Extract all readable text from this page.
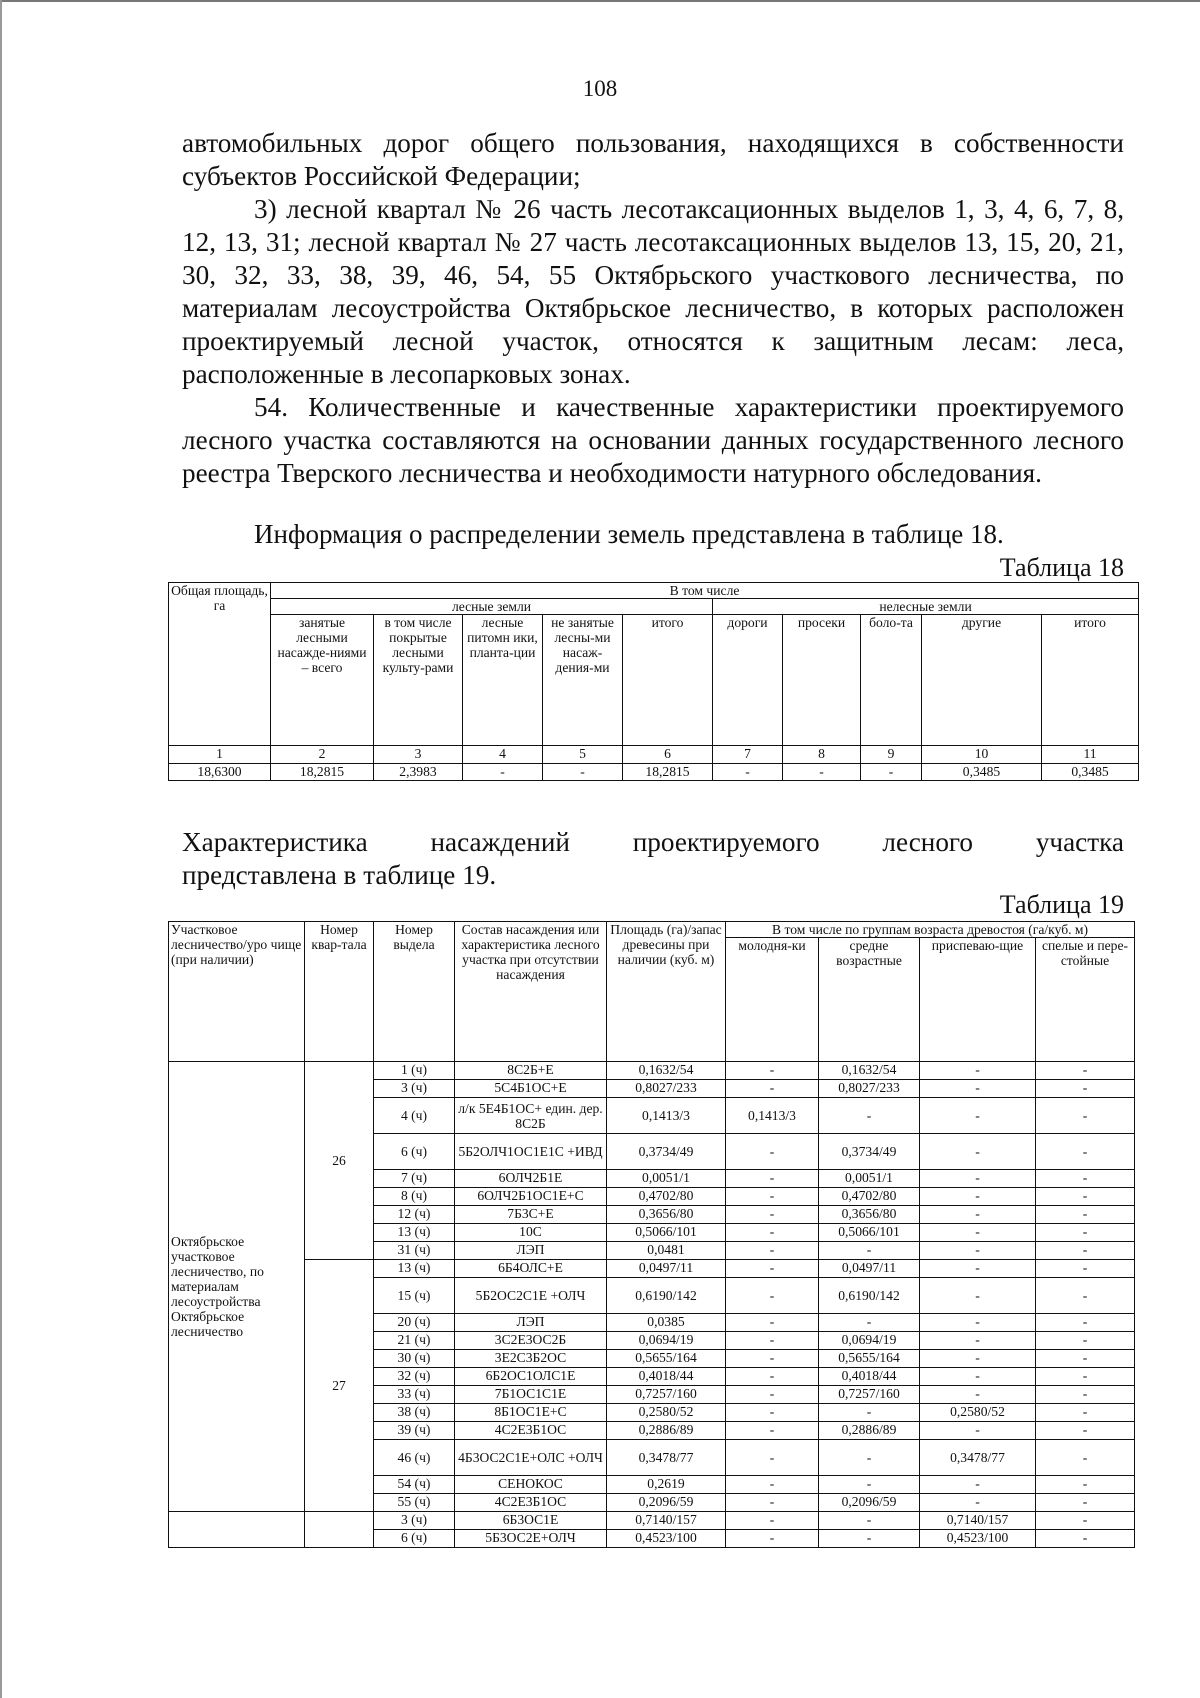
108

автомобильных дорог общего пользования, находящихся в собственности субъектов Российской Федерации;

3) лесной квартал № 26 часть лесотаксационных выделов 1, 3, 4, 6, 7, 8, 12, 13, 31; лесной квартал № 27 часть лесотаксационных выделов 13, 15, 20, 21, 30, 32, 33, 38, 39, 46, 54, 55 Октябрьского участкового лесничества, по материалам лесоустройства Октябрьское лесничество, в которых расположен проектируемый лесной участок, относятся к защитным лесам: леса, расположенные в лесопарковых зонах.

54. Количественные и качественные характеристики проектируемого лесного участка составляются на основании данных государственного лесного реестра Тверского лесничества и необходимости натурного обследования.

Информация о распределении земель представлена в таблице 18.
Таблица 18
Общая площадь, га	В том числе									
	лесные земли					нелесные земли				
	занятые лесными насажде-ниями – всего	в том числе покрытые лесными культу-рами	лесные питомн ики, планта-ции	не занятые лесны-ми насаж-дения-ми	итого	дороги	просеки	боло-та	другие	итого
1	2	3	4	5	6	7	8	9	10	11
18,6300	18,2815	2,3983	-	-	18,2815	-	-	-	0,3485	0,3485
Характеристика насаждений проектируемого лесного участка
представлена в таблице 19.
Таблица 19
Участковое лесничество/уро чище (при наличии)	Номер квар-тала	Номер выдела	Состав насаждения или характеристика лесного участка при отсутствии насаждения	Площадь (га)/запас древесины при наличии (куб. м)	В том числе по группам возраста древостоя (га/куб. м)			
					молодня-ки	средне возрастные	приспеваю-щие	спелые и пере-стойные
Октябрьское участковое лесничество, по материалам лесоустройства Октябрьское лесничество	26	1 (ч)	8С2Б+Е	0,1632/54	-	0,1632/54	-	-
		3 (ч)	5С4Б1ОС+Е	0,8027/233	-	0,8027/233	-	-
		4 (ч)	л/к 5Е4Б1ОС+ един. дер. 8С2Б	0,1413/3	0,1413/3	-	-	-
		6 (ч)	5Б2ОЛЧ1ОС1Е1С +ИВД	0,3734/49	-	0,3734/49	-	-
		7 (ч)	6ОЛЧ2Б1Е	0,0051/1	-	0,0051/1	-	-
		8 (ч)	6ОЛЧ2Б1ОС1Е+С	0,4702/80	-	0,4702/80	-	-
		12 (ч)	7Б3С+Е	0,3656/80	-	0,3656/80	-	-
		13 (ч)	10С	0,5066/101	-	0,5066/101	-	-
		31 (ч)	ЛЭП	0,0481	-	-	-	-
	27	13 (ч)	6Б4ОЛС+Е	0,0497/11	-	0,0497/11	-	-
		15 (ч)	5Б2ОС2С1Е +ОЛЧ	0,6190/142	-	0,6190/142	-	-
		20 (ч)	ЛЭП	0,0385	-	-	-	-
		21 (ч)	3С2Е3ОС2Б	0,0694/19	-	0,0694/19	-	-
		30 (ч)	3Е2С3Б2ОС	0,5655/164	-	0,5655/164	-	-
		32 (ч)	6Б2ОС1ОЛС1Е	0,4018/44	-	0,4018/44	-	-
		33 (ч)	7Б1ОС1С1Е	0,7257/160	-	0,7257/160	-	-
		38 (ч)	8Б1ОС1Е+С	0,2580/52	-	-	0,2580/52	-
		39 (ч)	4С2Е3Б1ОС	0,2886/89	-	0,2886/89	-	-
		46 (ч)	4Б3ОС2С1Е+ОЛС +ОЛЧ	0,3478/77	-	-	0,3478/77	-
		54 (ч)	СЕНОКОС	0,2619	-	-	-	-
		55 (ч)	4С2Е3Б1ОС	0,2096/59	-	0,2096/59	-	-
		3 (ч)	6Б3ОС1Е	0,7140/157	-	-	0,7140/157	-
		6 (ч)	5Б3ОС2Е+ОЛЧ	0,4523/100	-	-	0,4523/100	-
